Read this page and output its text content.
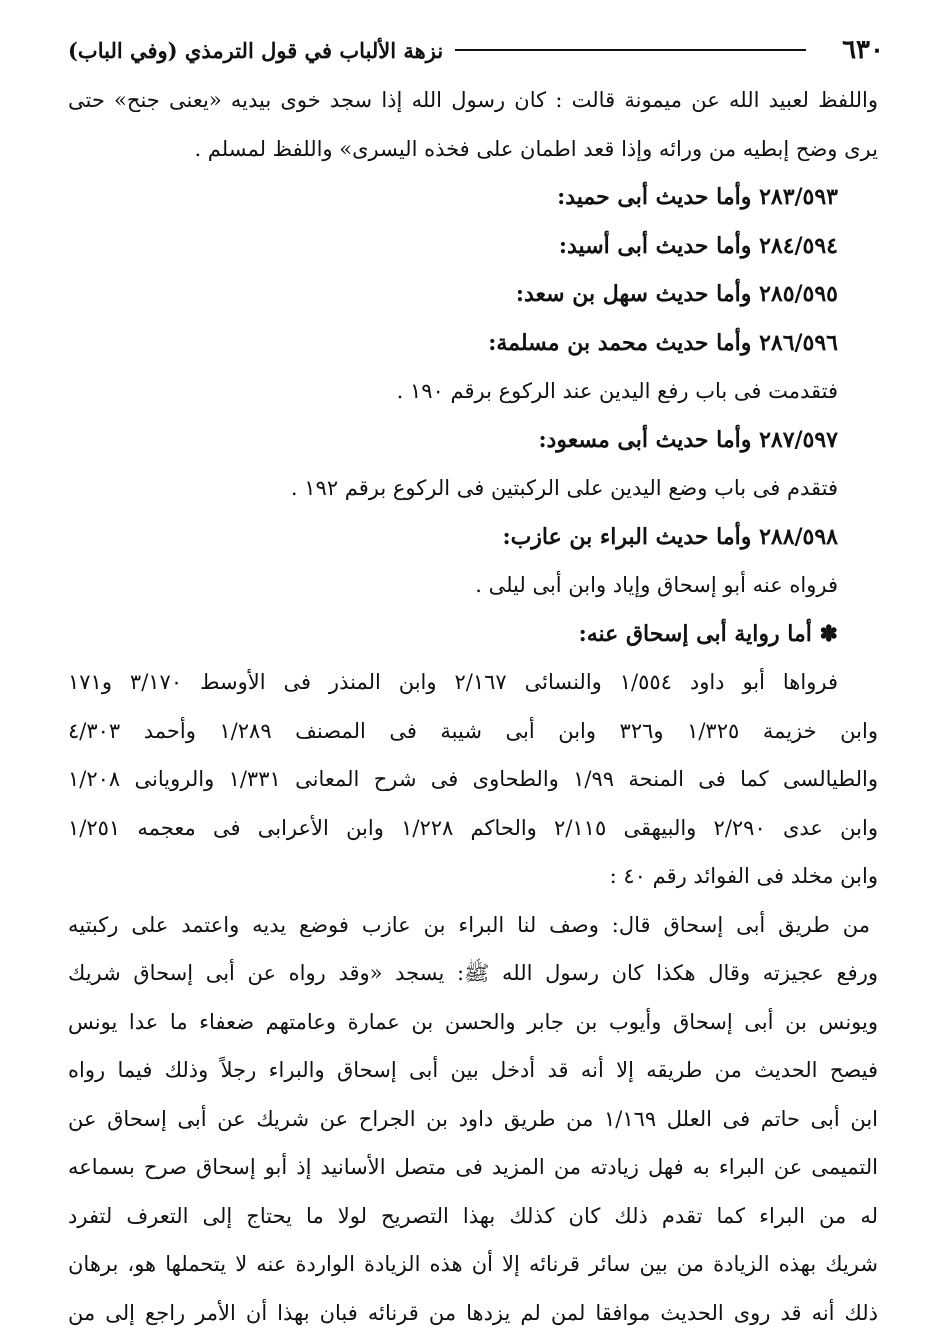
٦٣٠
نزهة الألباب في قول الترمذي (وفي الباب)
واللفظ لعبيد الله عن ميمونة قالت : كان رسول الله إذا سجد خوى بيديه «يعنى جنح» حتى
يرى وضح إبطيه من ورائه وإذا قعد اطمان على فخذه اليسرى» واللفظ لمسلم .
٢٨٣/٥٩٣ وأما حديث أبى حميد:
٢٨٤/٥٩٤ وأما حديث أبى أسيد:
٢٨٥/٥٩٥ وأما حديث سهل بن سعد:
٢٨٦/٥٩٦ وأما حديث محمد بن مسلمة:
فتقدمت فى باب رفع اليدين عند الركوع برقم ١٩٠ .
٢٨٧/٥٩٧ وأما حديث أبى مسعود:
فتقدم فى باب وضع اليدين على الركبتين فى الركوع برقم ١٩٢ .
٢٨٨/٥٩٨ وأما حديث البراء بن عازب:
فرواه عنه أبو إسحاق وإياد وابن أبى ليلى .
✽ أما رواية أبى إسحاق عنه:
فرواها أبو داود ١/٥٥٤ والنسائى ٢/١٦٧ وابن المنذر فى الأوسط ٣/١٧٠ و١٧١
وابن خزيمة ١/٣٢٥ و٣٢٦ وابن أبى شيبة فى المصنف ١/٢٨٩ وأحمد ٤/٣٠٣
والطيالسى كما فى المنحة ١/٩٩ والطحاوى فى شرح المعانى ١/٣٣١ والرويانى ١/٢٠٨
وابن عدى ٢/٢٩٠ والبيهقى ٢/١١٥ والحاكم ١/٢٢٨ وابن الأعرابى فى معجمه ١/٢٥١
وابن مخلد فى الفوائد رقم ٤٠ :
من طريق أبى إسحاق قال: وصف لنا البراء بن عازب فوضع يديه واعتمد على ركبتيه
ورفع عجيزته وقال هكذا كان رسول الله ﷺ: يسجد «وقد رواه عن أبى إسحاق شريك
ويونس بن أبى إسحاق وأيوب بن جابر والحسن بن عمارة وعامتهم ضعفاء ما عدا يونس
فيصح الحديث من طريقه إلا أنه قد أدخل بين أبى إسحاق والبراء رجلاً وذلك فيما رواه
ابن أبى حاتم فى العلل ١/١٦٩ من طريق داود بن الجراح عن شريك عن أبى إسحاق عن
التميمى عن البراء به فهل زيادته من المزيد فى متصل الأسانيد إذ أبو إسحاق صرح بسماعه
له من البراء كما تقدم ذلك كان كذلك بهذا التصريح لولا ما يحتاج إلى التعرف لتفرد
شريك بهذه الزيادة من بين سائر قرنائه إلا أن هذه الزيادة الواردة عنه لا يتحملها هو، برهان
ذلك أنه قد روى الحديث موافقا لمن لم يزدها من قرنائه فبان بهذا أن الأمر راجع إلى من
